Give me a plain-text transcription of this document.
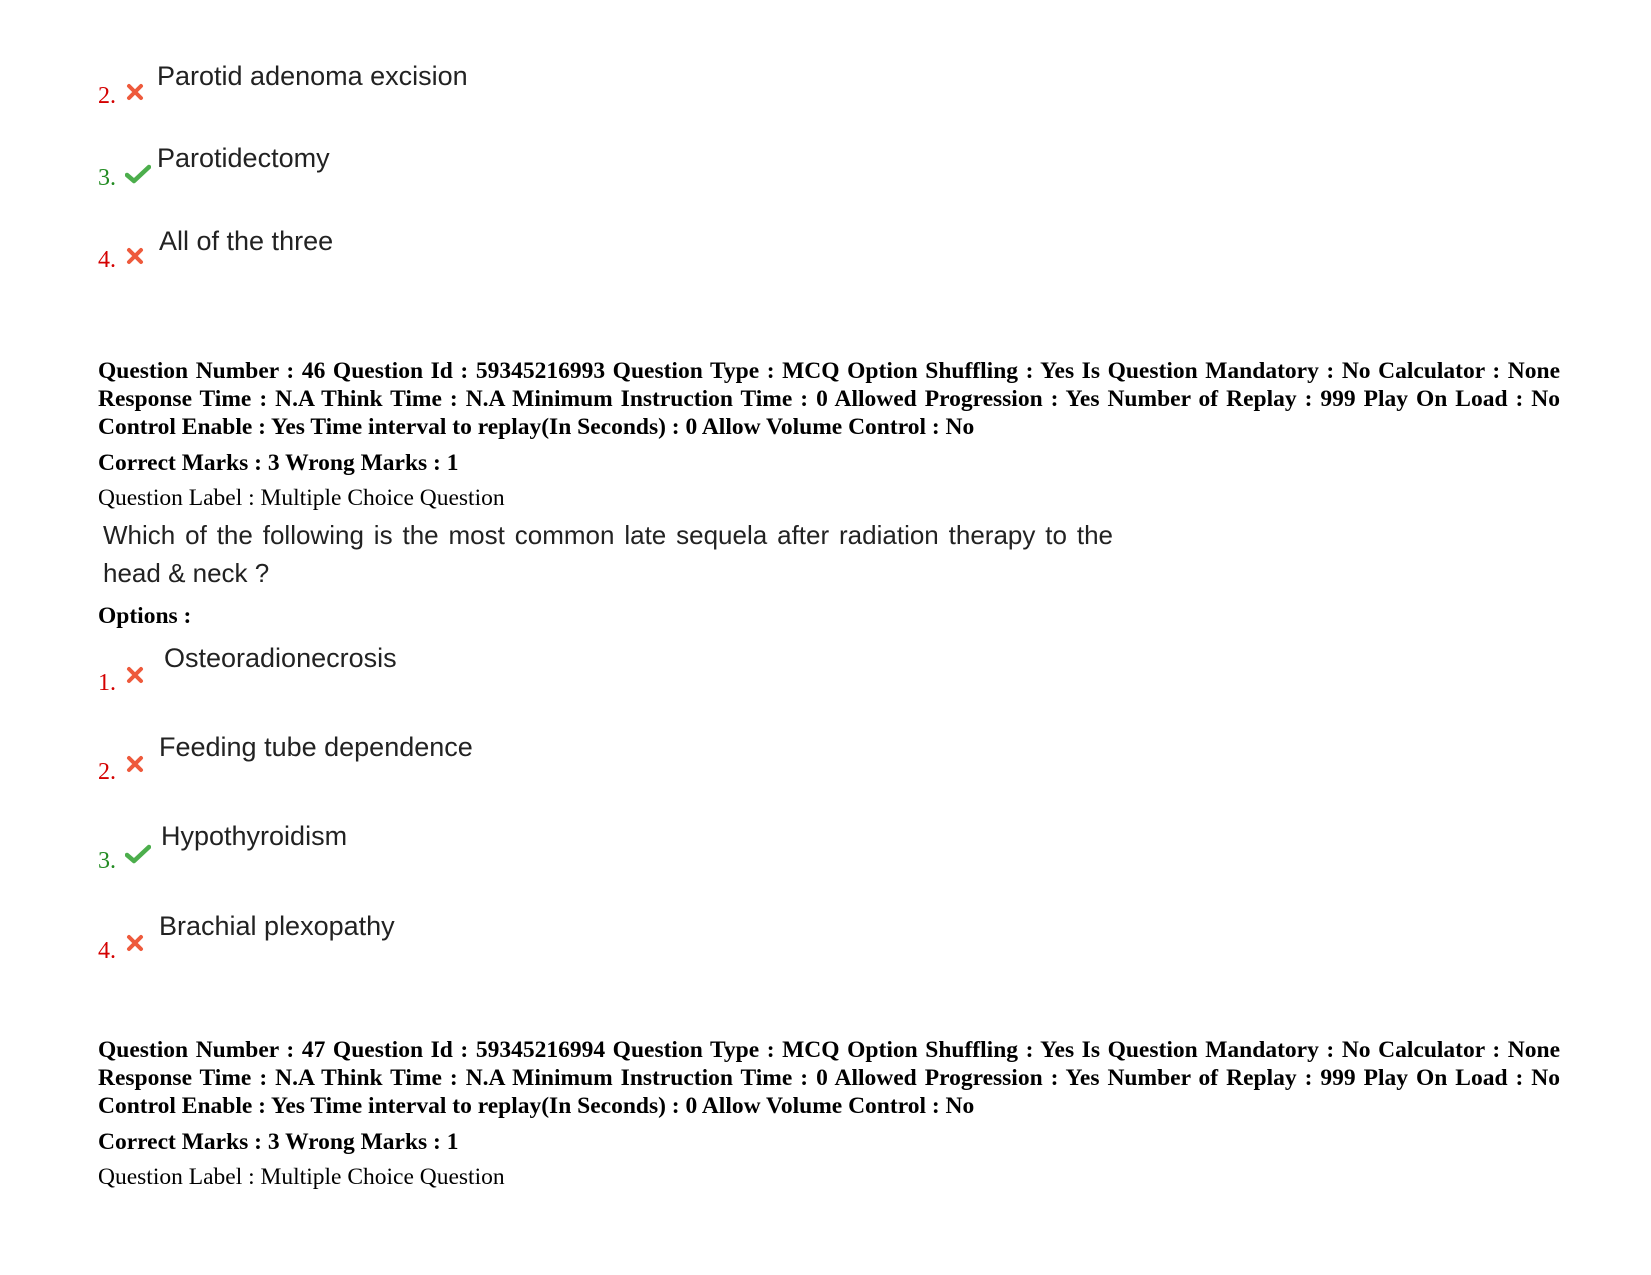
2.
Parotid adenoma excision
3.
Parotidectomy
4.
All of the three
Question Number : 46 Question Id : 59345216993 Question Type : MCQ Option Shuffling : Yes Is Question Mandatory : No Calculator : None Response Time : N.A Think Time : N.A Minimum Instruction Time : 0 Allowed Progression : Yes Number of Replay : 999 Play On Load : No Control Enable : Yes Time interval to replay(In Seconds) : 0 Allow Volume Control : No
Correct Marks : 3 Wrong Marks : 1
Question Label : Multiple Choice Question
Which of the following is the most common late sequela after radiation therapy to the head & neck ?
Options :
1.
Osteoradionecrosis
2.
Feeding tube dependence
3.
Hypothyroidism
4.
Brachial plexopathy
Question Number : 47 Question Id : 59345216994 Question Type : MCQ Option Shuffling : Yes Is Question Mandatory : No Calculator : None Response Time : N.A Think Time : N.A Minimum Instruction Time : 0 Allowed Progression : Yes Number of Replay : 999 Play On Load : No Control Enable : Yes Time interval to replay(In Seconds) : 0 Allow Volume Control : No
Correct Marks : 3 Wrong Marks : 1
Question Label : Multiple Choice Question
